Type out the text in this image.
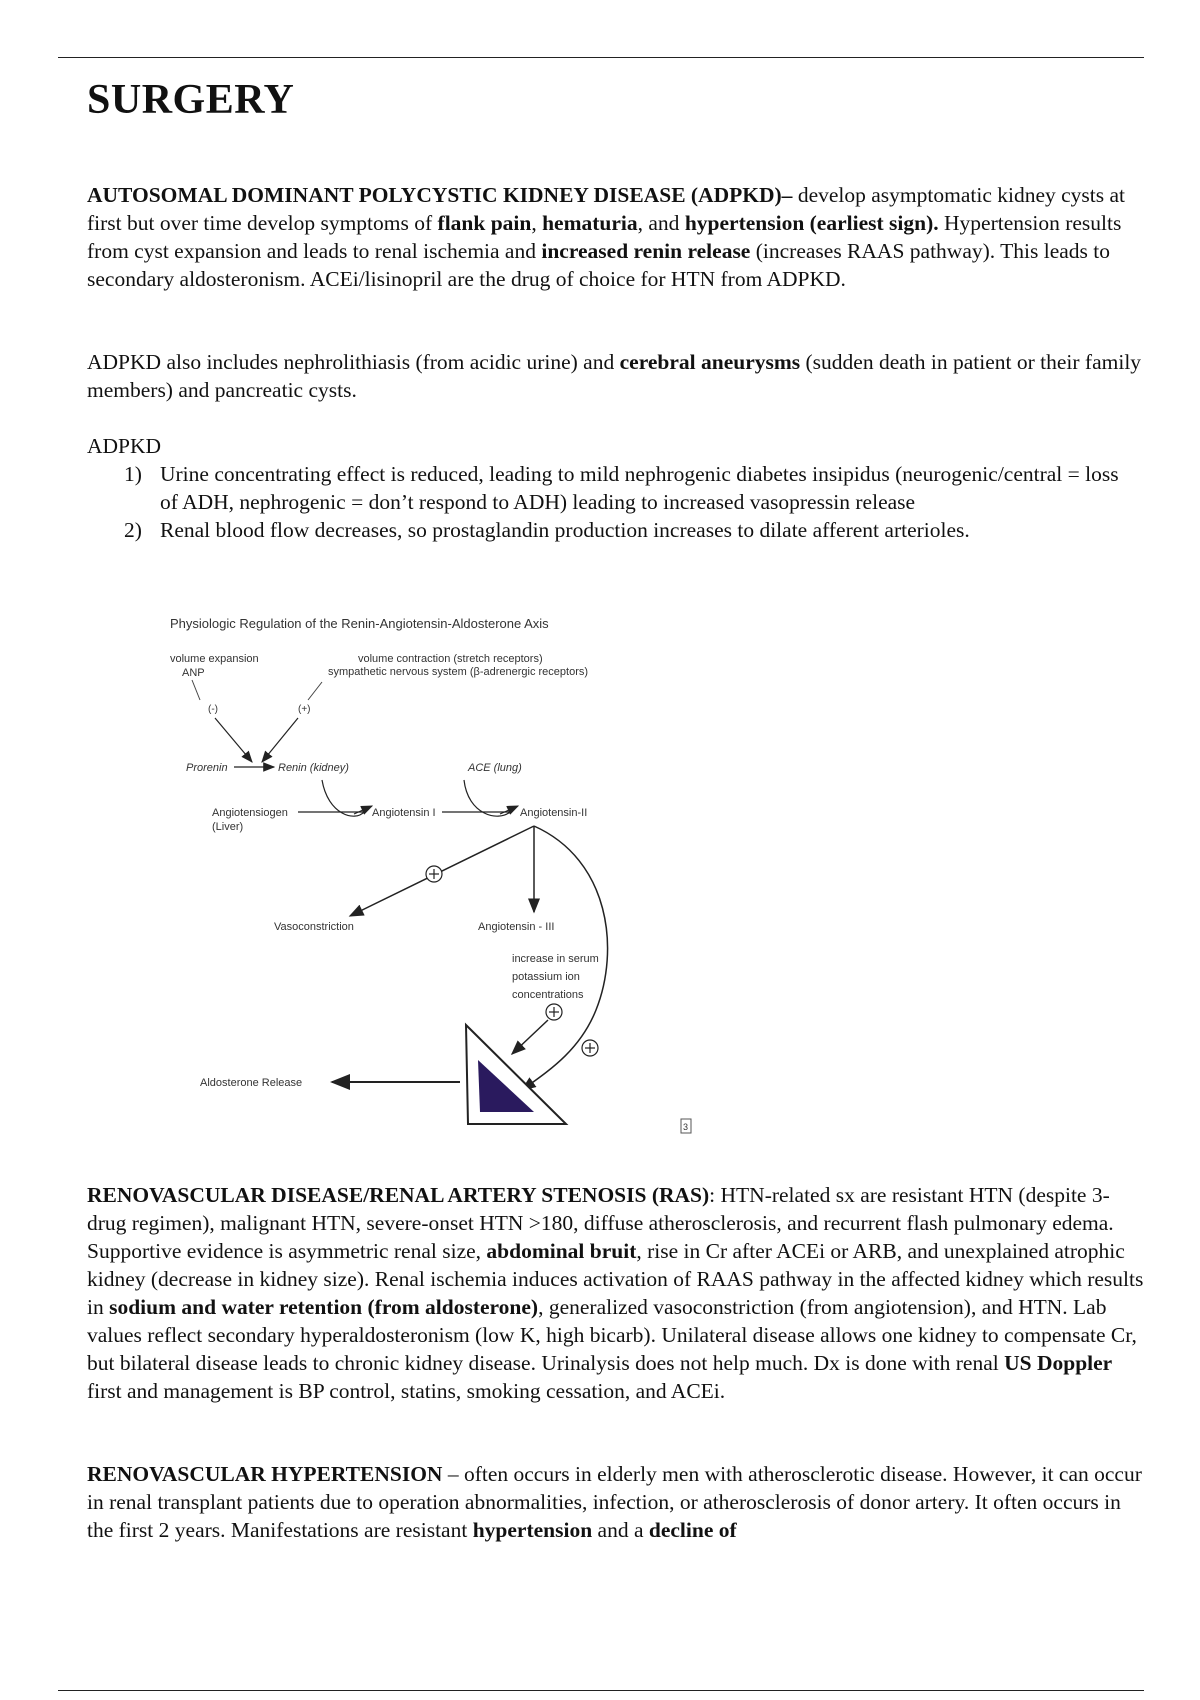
SURGERY

AUTOSOMAL DOMINANT POLYCYSTIC KIDNEY DISEASE (ADPKD)– develop asymptomatic kidney cysts at first but over time develop symptoms of flank pain, hematuria, and hypertension (earliest sign). Hypertension results from cyst expansion and leads to renal ischemia and increased renin release (increases RAAS pathway). This leads to secondary aldosteronism. ACEi/lisinopril are the drug of choice for HTN from ADPKD.

ADPKD also includes nephrolithiasis (from acidic urine) and cerebral aneurysms (sudden death in patient or their family members) and pancreatic cysts.

ADPKD

1) Urine concentrating effect is reduced, leading to mild nephrogenic diabetes insipidus (neurogenic/central = loss of ADH, nephrogenic = don’t respond to ADH) leading to increased vasopressin release
2) Renal blood flow decreases, so prostaglandin production increases to dilate afferent arterioles.
Physiologic Regulation of the Renin-Angiotensin-Aldosterone Axis
volume expansion
ANP
volume contraction (stretch receptors)
sympathetic nervous system (β-adrenergic receptors)
(-)	(+)
Prorenin	Renin (kidney)	ACE (lung)
Angiotensiogen
(Liver)
Angiotensin I	Angiotensin-II
Vasoconstriction	Angiotensin - III
increase in serum
potassium ion
concentrations
Aldosterone Release
3

RENOVASCULAR DISEASE/RENAL ARTERY STENOSIS (RAS): HTN-related sx are resistant HTN (despite 3-drug regimen), malignant HTN, severe-onset HTN >180, diffuse atherosclerosis, and recurrent flash pulmonary edema. Supportive evidence is asymmetric renal size, abdominal bruit, rise in Cr after ACEi or ARB, and unexplained atrophic kidney (decrease in kidney size). Renal ischemia induces activation of RAAS pathway in the affected kidney which results in sodium and water retention (from aldosterone), generalized vasoconstriction (from angiotension), and HTN. Lab values reflect secondary hyperaldosteronism (low K, high bicarb). Unilateral disease allows one kidney to compensate Cr, but bilateral disease leads to chronic kidney disease. Urinalysis does not help much. Dx is done with renal US Doppler first and management is BP control, statins, smoking cessation, and ACEi.

RENOVASCULAR HYPERTENSION – often occurs in elderly men with atherosclerotic disease. However, it can occur in renal transplant patients due to operation abnormalities, infection, or atherosclerosis of donor artery. It often occurs in the first 2 years. Manifestations are resistant hypertension and a decline of
